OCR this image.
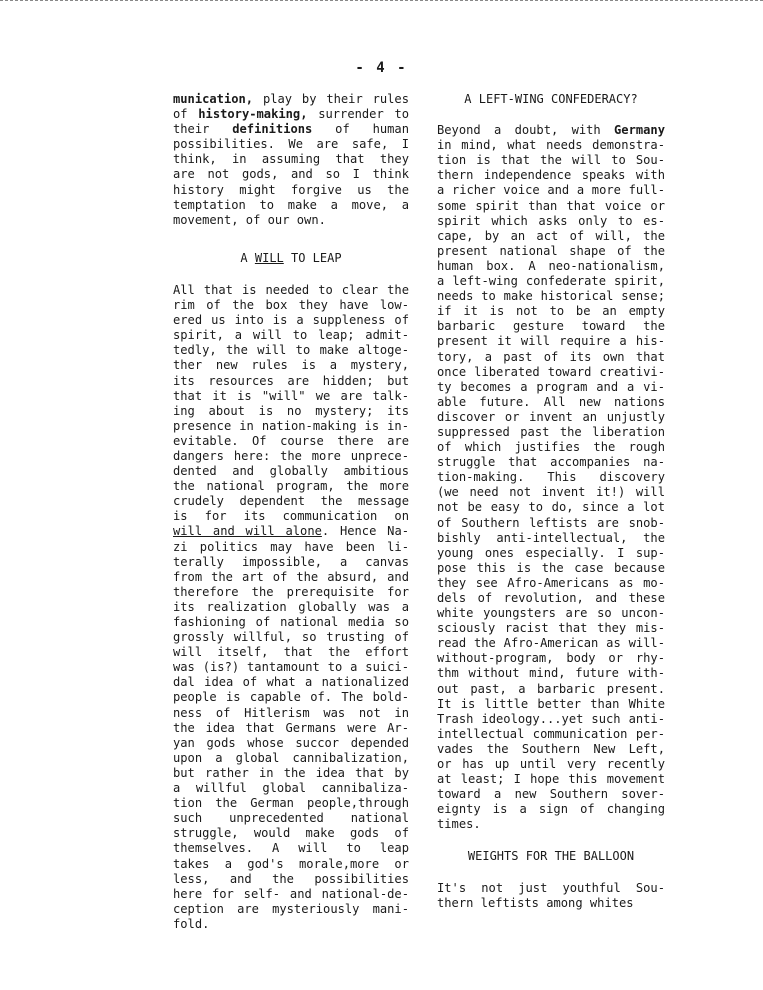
- 4 -
munication, play by their rules
of history-making, surrender to
their definitions of human
possibilities. We are safe, I
think, in assuming that they
are not gods, and so I think
history might forgive us the
temptation to make a move, a
movement, of our own.
A WILL TO LEAP
All that is needed to clear the
rim of the box they have low-
ered us into is a suppleness of
spirit, a will to leap; admit-
tedly, the will to make altoge-
ther new rules is a mystery,
its resources are hidden; but
that it is "will" we are talk-
ing about is no mystery; its
presence in nation-making is in-
evitable. Of course there are
dangers here: the more unprece-
dented and globally ambitious
the national program, the more
crudely dependent the message
is for its communication on
will and will alone. Hence Na-
zi politics may have been li-
terally impossible, a canvas
from the art of the absurd, and
therefore the prerequisite for
its realization globally was a
fashioning of national media so
grossly willful, so trusting of
will itself, that the effort
was (is?) tantamount to a suici-
dal idea of what a nationalized
people is capable of. The bold-
ness of Hitlerism was not in
the idea that Germans were Ar-
yan gods whose succor depended
upon a global cannibalization,
but rather in the idea that by
a willful global cannibaliza-
tion the German people,through
such unprecedented national
struggle, would make gods of
themselves. A will to leap
takes a god's morale,more or
less, and the possibilities
here for self- and national-de-
ception are mysteriously mani-
fold.
A LEFT-WING CONFEDERACY?
Beyond a doubt, with Germany
in mind, what needs demonstra-
tion is that the will to Sou-
thern independence speaks with
a richer voice and a more full-
some spirit than that voice or
spirit which asks only to es-
cape, by an act of will, the
present national shape of the
human box. A neo-nationalism,
a left-wing confederate spirit,
needs to make historical sense;
if it is not to be an empty
barbaric gesture toward the
present it will require a his-
tory, a past of its own that
once liberated toward creativi-
ty becomes a program and a vi-
able future. All new nations
discover or invent an unjustly
suppressed past the liberation
of which justifies the rough
struggle that accompanies na-
tion-making. This discovery
(we need not invent it!) will
not be easy to do, since a lot
of Southern leftists are snob-
bishly anti-intellectual, the
young ones especially. I sup-
pose this is the case because
they see Afro-Americans as mo-
dels of revolution, and these
white youngsters are so uncon-
sciously racist that they mis-
read the Afro-American as will-
without-program, body or rhy-
thm without mind, future with-
out past, a barbaric present.
It is little better than White
Trash ideology...yet such anti-
intellectual communication per-
vades the Southern New Left,
or has up until very recently
at least; I hope this movement
toward a new Southern sover-
eignty is a sign of changing
times.
WEIGHTS FOR THE BALLOON
It's not just youthful Sou-
thern leftists among whites
